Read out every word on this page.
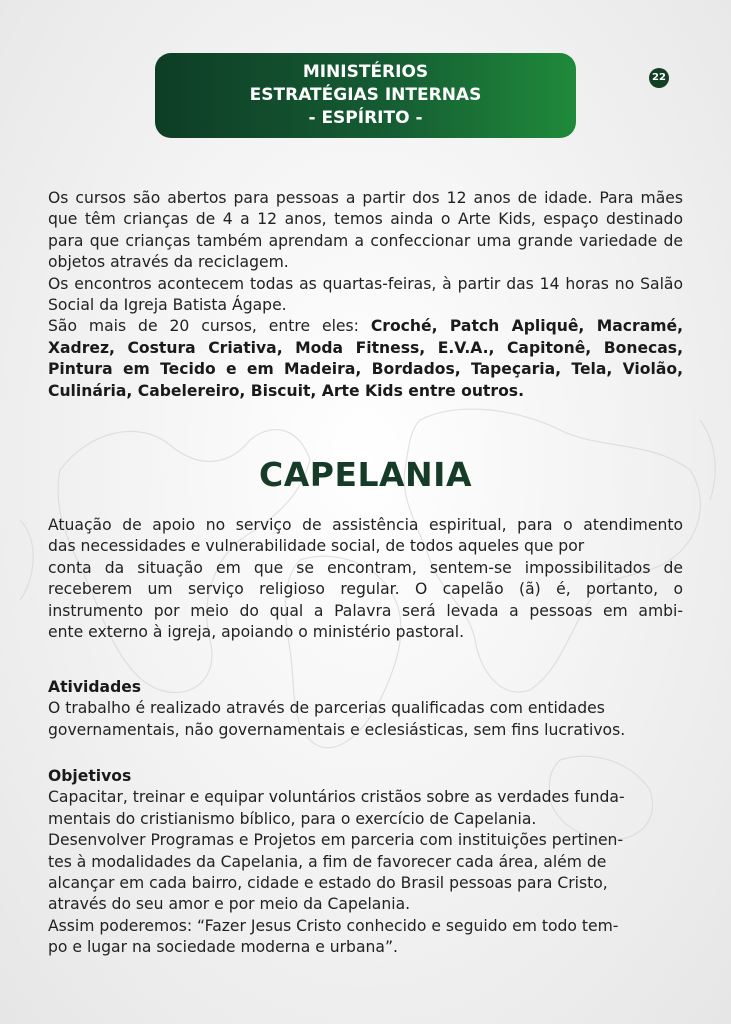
MINISTÉRIOS
ESTRATÉGIAS INTERNAS
- ESPÍRITO -
22
Os cursos são abertos para pessoas a partir dos 12 anos de idade. Para mães que têm crianças de 4 a 12 anos, temos ainda o Arte Kids, espaço destinado para que crianças também aprendam a confeccionar uma grande variedade de objetos através da reciclagem.
Os encontros acontecem todas as quartas-feiras, à partir das 14 horas no Salão Social da Igreja Batista Ágape.
São mais de 20 cursos, entre eles: Croché, Patch Apliquê, Macramé, Xadrez, Costura Criativa, Moda Fitness, E.V.A., Capitonê, Bonecas, Pintura em Tecido e em Madeira, Bordados, Tapeçaria, Tela, Violão, Culinária, Cabelereiro, Biscuit, Arte Kids entre outros.
CAPELANIA
Atuação de apoio no serviço de assistência espiritual, para o atendimento
das necessidades e vulnerabilidade social, de todos aqueles que por
conta da situação em que se encontram, sentem-se impossibilitados de
receberem um serviço religioso regular. O capelão (ã) é, portanto, o
instrumento por meio do qual a Palavra será levada a pessoas em ambi-
ente externo à igreja, apoiando o ministério pastoral.
Atividades
O trabalho é realizado através de parcerias qualificadas com entidades
governamentais, não governamentais e eclesiásticas, sem fins lucrativos.
Objetivos
Capacitar, treinar e equipar voluntários cristãos sobre as verdades funda-
mentais do cristianismo bíblico, para o exercício de Capelania.
Desenvolver Programas e Projetos em parceria com instituições pertinen-
tes à modalidades da Capelania, a fim de favorecer cada área, além de
alcançar em cada bairro, cidade e estado do Brasil pessoas para Cristo,
através do seu amor e por meio da Capelania.
Assim poderemos: “Fazer Jesus Cristo conhecido e seguido em todo tem-
po e lugar na sociedade moderna e urbana”.
